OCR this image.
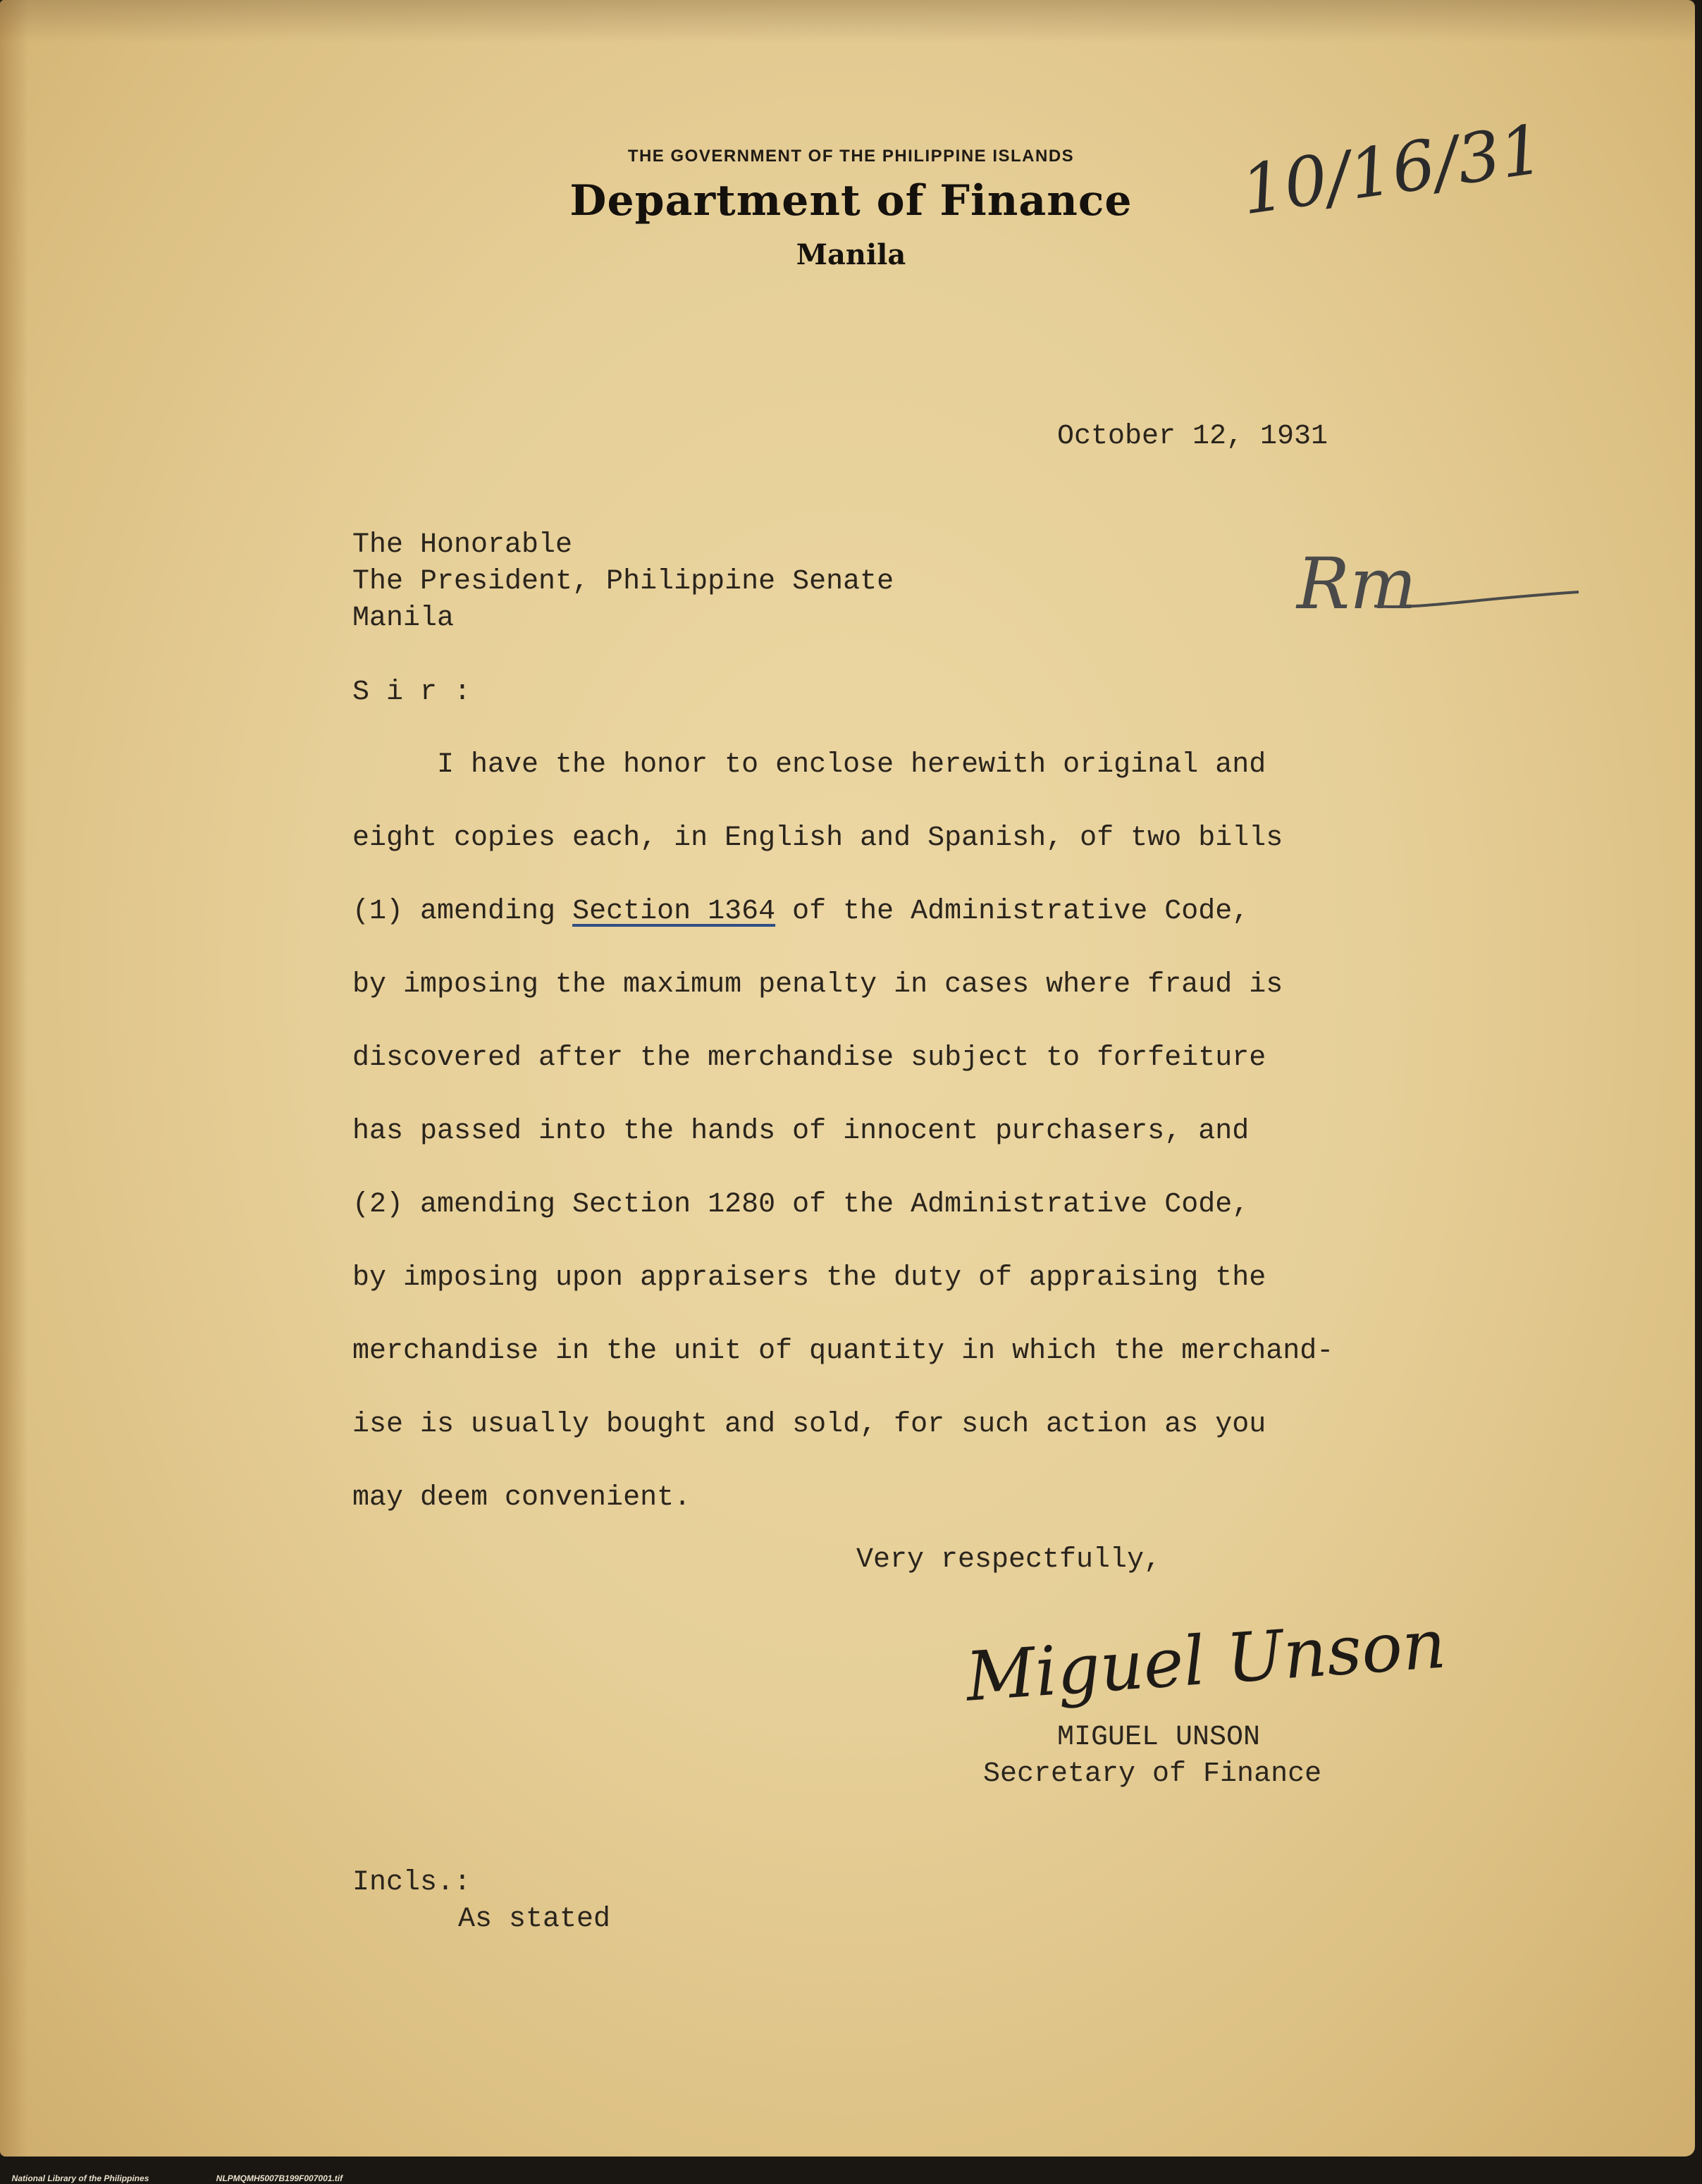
THE GOVERNMENT OF THE PHILIPPINE ISLANDS
Department of Finance
Manila
10/16/31
Rm
October 12, 1931
The Honorable
The President, Philippine Senate
Manila
S i r :
I have the honor to enclose herewith original and
eight copies each, in English and Spanish, of two bills
(1) amending Section 1364 of the Administrative Code,
by imposing the maximum penalty in cases where fraud is
discovered after the merchandise subject to forfeiture
has passed into the hands of innocent purchasers, and
(2) amending Section 1280 of the Administrative Code,
by imposing upon appraisers the duty of appraising the
merchandise in the unit of quantity in which the merchand-
ise is usually bought and sold, for such action as you
may deem convenient.
Very respectfully,
Miguel Unson
MIGUEL UNSON
Secretary of Finance
Incls.:
As stated

National Library of the Philippines	NLPMQMH5007B199F007001.tif
